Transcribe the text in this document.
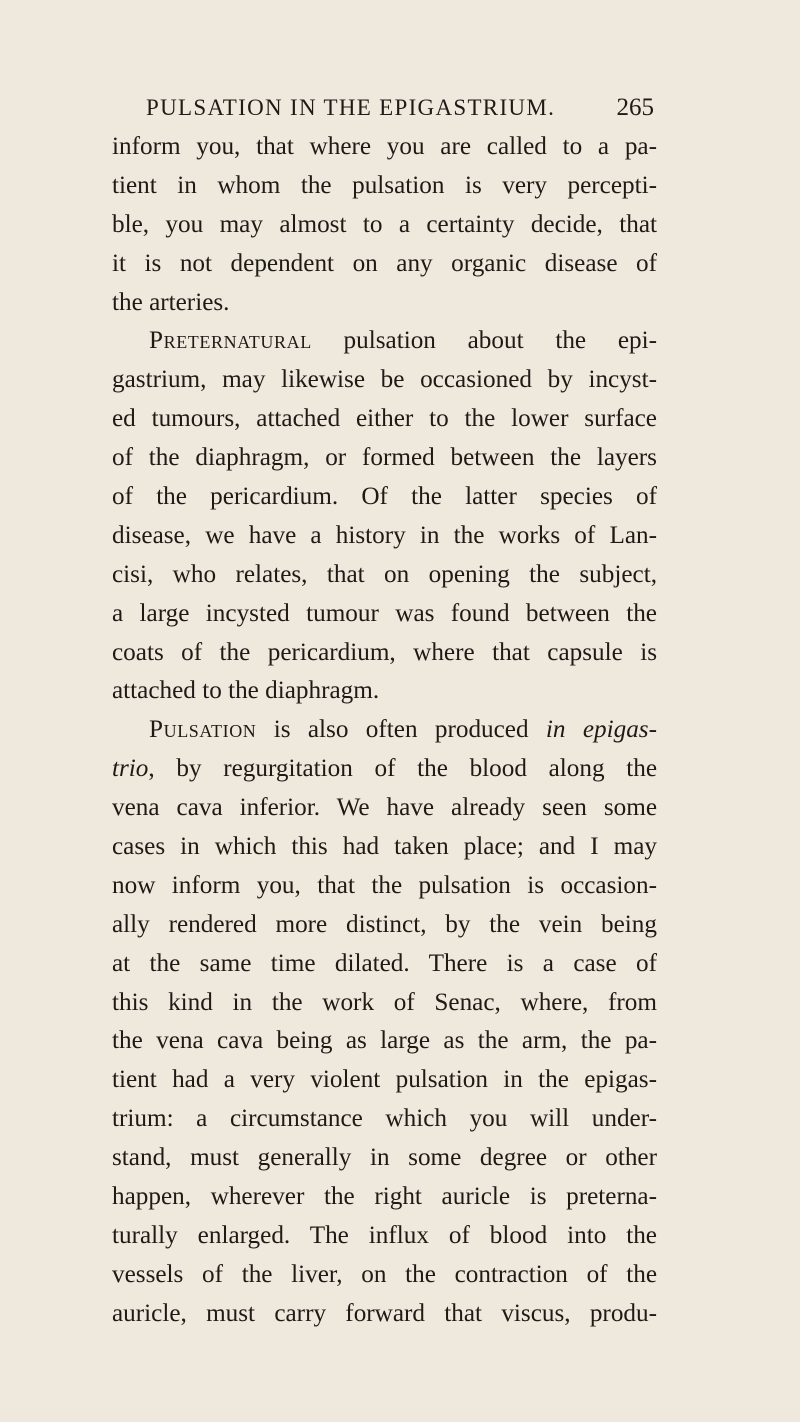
PULSATION IN THE EPIGASTRIUM. 265
inform you, that where you are called to a pa-
tient in whom the pulsation is very percepti-
ble, you may almost to a certainty decide, that
it is not dependent on any organic disease of
the arteries.
Preternatural pulsation about the epi-
gastrium, may likewise be occasioned by incyst-
ed tumours, attached either to the lower surface
of the diaphragm, or formed between the layers
of the pericardium. Of the latter species of
disease, we have a history in the works of Lan-
cisi, who relates, that on opening the subject,
a large incysted tumour was found between the
coats of the pericardium, where that capsule is
attached to the diaphragm.
Pulsation is also often produced in epigas-
trio, by regurgitation of the blood along the
vena cava inferior. We have already seen some
cases in which this had taken place; and I may
now inform you, that the pulsation is occasion-
ally rendered more distinct, by the vein being
at the same time dilated. There is a case of
this kind in the work of Senac, where, from
the vena cava being as large as the arm, the pa-
tient had a very violent pulsation in the epigas-
trium: a circumstance which you will under-
stand, must generally in some degree or other
happen, wherever the right auricle is preterna-
turally enlarged. The influx of blood into the
vessels of the liver, on the contraction of the
auricle, must carry forward that viscus, produ-
